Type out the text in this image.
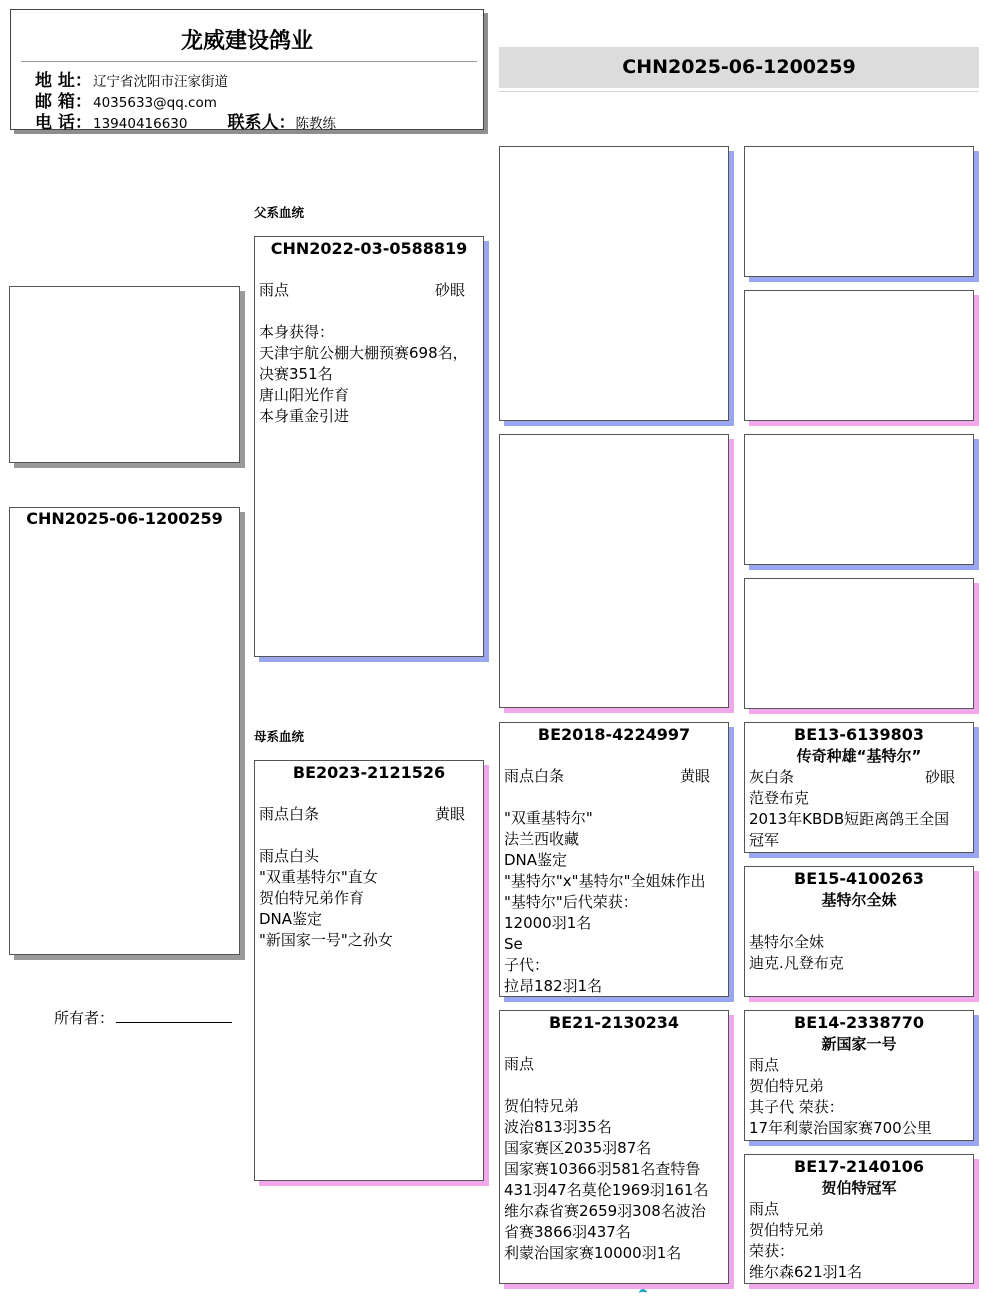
龙威建设鸽业
地 址：辽宁省沈阳市汪家街道
邮 箱：4035633@qq.com
电 话：13940416630 联系人：陈教练
CHN2025-06-1200259
CHN2025-06-1200259
所有者：
父系血统
母系血统
CHN2022-03-0588819
雨点	砂眼
本身获得：
天津宇航公棚大棚预赛698名，
决赛351名
唐山阳光作育
本身重金引进
BE2023-2121526
雨点白条	黄眼
雨点白头
"双重基特尔"直女
贺伯特兄弟作育
DNA鉴定
"新国家一号"之孙女
BE2018-4224997
雨点白条	黄眼
"双重基特尔"
法兰西收藏
DNA鉴定
"基特尔"x"基特尔"全姐妹作出
"基特尔"后代荣获：
12000羽1名
Se
子代：
拉昂182羽1名
BE21-2130234
雨点
贺伯特兄弟
波治813羽35名
国家赛区2035羽87名
国家赛10366羽581名查特鲁
431羽47名莫伦1969羽161名
维尔森省赛2659羽308名波治
省赛3866羽437名
利蒙治国家赛10000羽1名
BE13-6139803
传奇种雄“基特尔”
灰白条	砂眼
范登布克
2013年KBDB短距离鸽王全国
冠军
BE15-4100263
基特尔全妹
基特尔全妹
迪克.凡登布克
BE14-2338770
新国家一号
雨点
贺伯特兄弟
其子代 荣获：
17年利蒙治国家赛700公里
BE17-2140106
贺伯特冠军
雨点
贺伯特兄弟
荣获：
维尔森621羽1名
